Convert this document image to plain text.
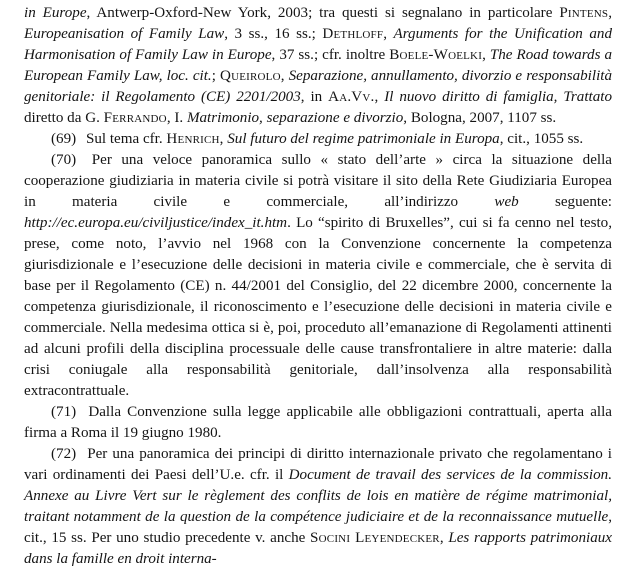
in Europe, Antwerp-Oxford-New York, 2003; tra questi si segnalano in particolare Pintens, Europeanisation of Family Law, 3 ss., 16 ss.; Dethloff, Arguments for the Unification and Harmonisation of Family Law in Europe, 37 ss.; cfr. inoltre Boele-Woelki, The Road towards a European Family Law, loc. cit.; Queirolo, Separazione, annullamento, divorzio e responsabilità genitoriale: il Regolamento (CE) 2201/2003, in Aa.Vv., Il nuovo diritto di famiglia, Trattato diretto da G. Ferrando, I. Matrimonio, separazione e divorzio, Bologna, 2007, 1107 ss.

(69) Sul tema cfr. Henrich, Sul futuro del regime patrimoniale in Europa, cit., 1055 ss.

(70) Per una veloce panoramica sullo « stato dell’arte » circa la situazione della cooperazione giudiziaria in materia civile si potrà visitare il sito della Rete Giudiziaria Europea in materia civile e commerciale, all’indirizzo web seguente: http://ec.europa.eu/civiljustice/index_it.htm. Lo “spirito di Bruxelles”, cui si fa cenno nel testo, prese, come noto, l’avvio nel 1968 con la Convenzione concernente la competenza giurisdizionale e l’esecuzione delle decisioni in materia civile e commerciale, che è servita di base per il Regolamento (CE) n. 44/2001 del Consiglio, del 22 dicembre 2000, concernente la competenza giurisdizionale, il riconoscimento e l’esecuzione delle decisioni in materia civile e commerciale. Nella medesima ottica si è, poi, proceduto all’emanazione di Regolamenti attinenti ad alcuni profili della disciplina processuale delle cause transfrontaliere in altre materie: dalla crisi coniugale alla responsabilità genitoriale, dall’insolvenza alla responsabilità extracontrattuale.

(71) Dalla Convenzione sulla legge applicabile alle obbligazioni contrattuali, aperta alla firma a Roma il 19 giugno 1980.

(72) Per una panoramica dei principi di diritto internazionale privato che regolamentano i vari ordinamenti dei Paesi dell’U.e. cfr. il Document de travail des services de la commission. Annexe au Livre Vert sur le règlement des conflits de lois en matière de régime matrimonial, traitant notamment de la question de la compétence judiciaire et de la reconnaissance mutuelle, cit., 15 ss. Per uno studio precedente v. anche Socini Leyendecker, Les rapports patrimoniaux dans la famille en droit interna-
